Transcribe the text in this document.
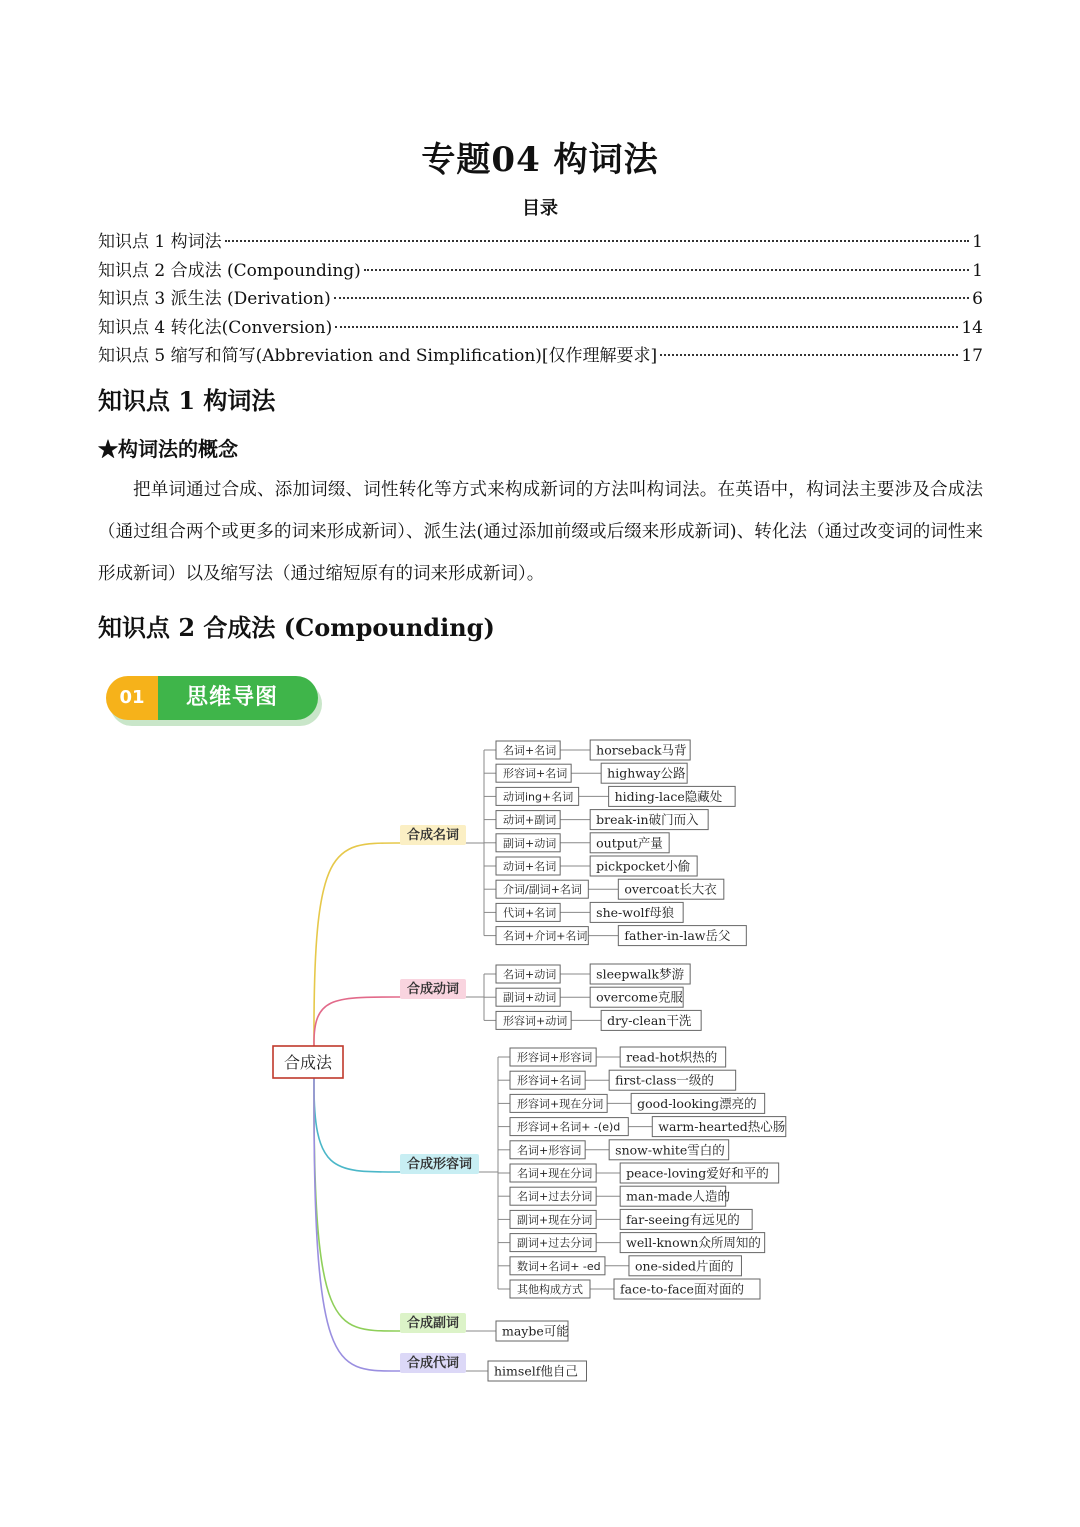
专题04 构词法
目录
知识点 1 构词法	1
知识点 2 合成法 (Compounding)	1
知识点 3 派生法 (Derivation)	6
知识点 4 转化法(Conversion)	14
知识点 5 缩写和简写(Abbreviation and Simplification)[仅作理解要求]	17
知识点 1 构词法
★构词法的概念

把单词通过合成、添加词缀、词性转化等方式来构成新词的方法叫构词法。在英语中，构词法主要涉及合成法（通过组合两个或更多的词来形成新词）、派生法(通过添加前缀或后缀来形成新词)、转化法（通过改变词的词性来形成新词）以及缩写法（通过缩短原有的词来形成新词）。

知识点 2 合成法 (Compounding)
思维导图
01
合成名词
名词+名词	horseback马背
形容词+名词	highway公路
动词ing+名词	hiding-lace隐藏处
动词+副词	break-in破门而入
副词+动词	output产量
动词+名词	pickpocket小偷
介词/副词+名词	overcoat长大衣
代词+名词	she-wolf母狼
名词+介词+名词	father-in-law岳父
合成动词
名词+动词	sleepwalk梦游
副词+动词	overcome克服
形容词+动词	dry-clean干洗
合成形容词
形容词+形容词	read-hot炽热的
形容词+名词	first-class一级的
形容词+现在分词	good-looking漂亮的
形容词+名词+ -(e)d	warm-hearted热心肠
名词+形容词	snow-white雪白的
名词+现在分词	peace-loving爱好和平的
名词+过去分词	man-made人造的
副词+现在分词	far-seeing有远见的
副词+过去分词	well-known众所周知的
数词+名词+ -ed	one-sided片面的
其他构成方式	face-to-face面对面的
合成副词	maybe可能
合成代词	himself他自己
合成法
